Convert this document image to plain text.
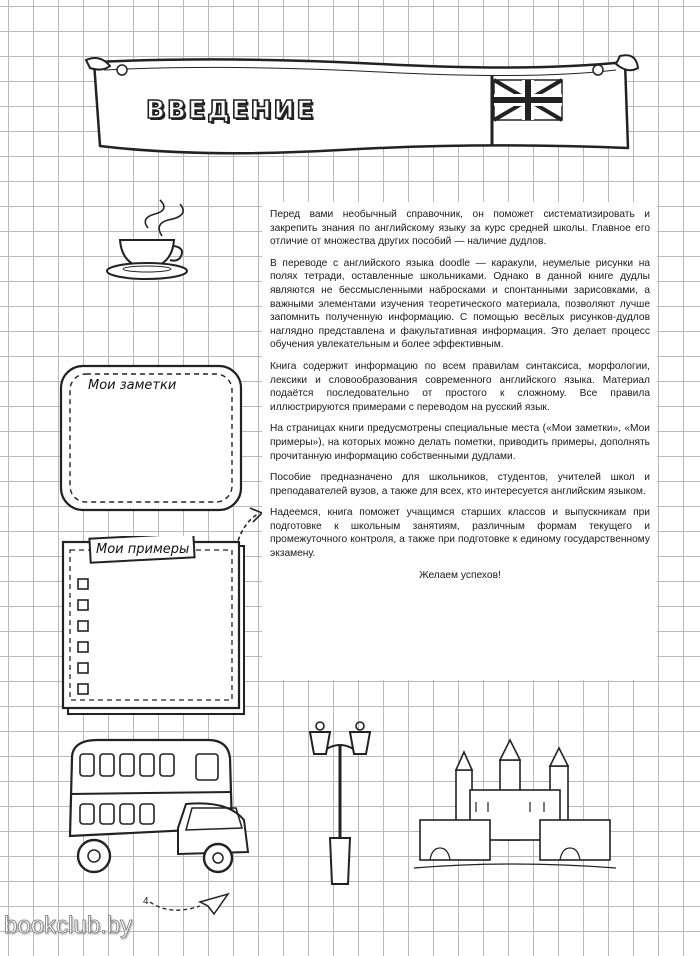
ВВЕДЕНИЕ
Мои заметки
Мои примеры

Перед вами необычный справочник, он поможет систематизировать и закрепить знания по английскому языку за курс средней школы. Главное его отличие от множества других пособий — наличие дудлов.

В переводе с английского языка doodle — каракули, неумелые рисунки на полях тетради, оставленные школьниками. Однако в данной книге дудлы являются не бессмысленными набросками и спонтанными зарисовками, а важными элементами изучения теоретического материала, позволяют лучше запомнить полученную информацию. С помощью весёлых рисунков-дудлов наглядно представлена и факультативная информация. Это делает процесс обучения увлекательным и более эффективным.

Книга содержит информацию по всем правилам синтаксиса, морфологии, лексики и словообразования современного английского языка. Материал подаётся последовательно от простого к сложному. Все правила иллюстрируются примерами с переводом на русский язык.

На страницах книги предусмотрены специальные места («Мои заметки», «Мои примеры»), на которых можно делать пометки, приводить примеры, дополнять прочитанную информацию собственными дудлами.

Пособие предназначено для школьников, студентов, учителей школ и преподавателей вузов, а также для всех, кто интересуется английским языком.

Надеемся, книга поможет учащимся старших классов и выпускникам при подготовке к школьным занятиям, различным формам текущего и промежуточного контроля, а также при подготовке к единому государственному экзамену.

Желаем успехов!

4
bookclub.by
